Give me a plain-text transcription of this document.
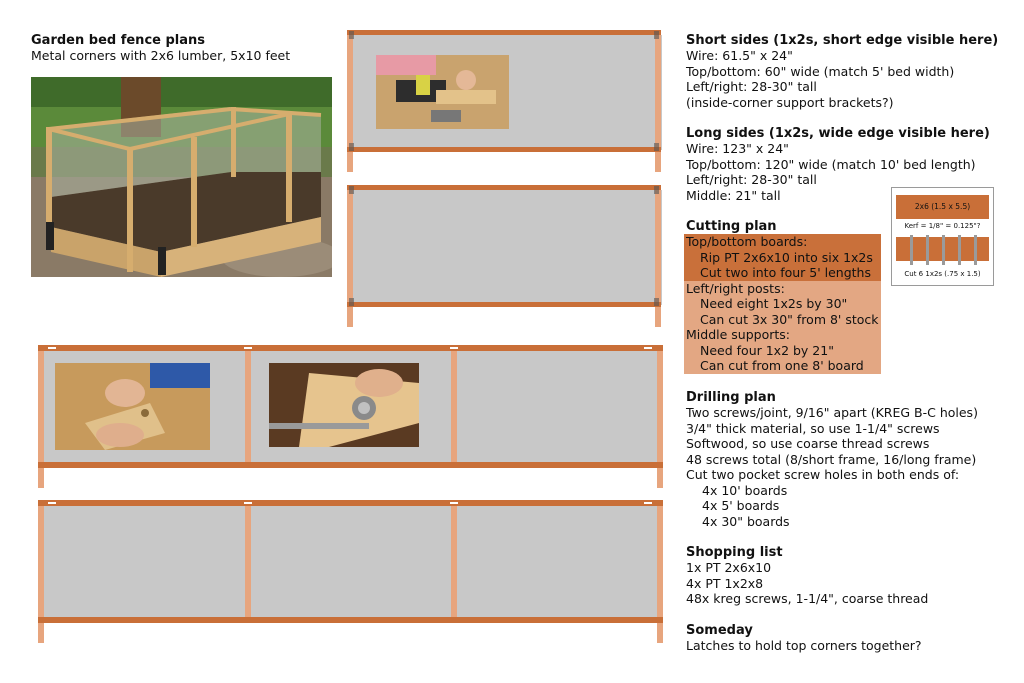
Garden bed fence plans
Metal corners with 2x6 lumber, 5x10 feet
Short sides (1x2s, short edge visible here)
Wire: 61.5" x 24"
Top/bottom: 60" wide (match 5' bed width)
Left/right: 28-30" tall
(inside-corner support brackets?)
Long sides (1x2s, wide edge visible here)
Wire: 123" x 24"
Top/bottom: 120" wide (match 10' bed length)
Left/right: 28-30" tall
Middle: 21" tall
Cutting plan
Top/bottom boards:
Rip PT 2x6x10 into six 1x2s
Cut two into four 5' lengths
Left/right posts:
Need eight 1x2s by 30"
Can cut 3x 30" from 8' stock
Middle supports:
Need four 1x2 by 21"
Can cut from one 8' board
2x6 (1.5 x 5.5)
Kerf = 1/8" = 0.125"?
Cut 6 1x2s (.75 x 1.5)
Drilling plan
Two screws/joint, 9/16" apart (KREG B-C holes)
3/4" thick material, so use 1-1/4" screws
Softwood, so use coarse thread screws
48 screws total (8/short frame, 16/long frame)
Cut two pocket screw holes in both ends of:
4x 10' boards
4x 5' boards
4x 30" boards
Shopping list
1x PT 2x6x10
4x PT 1x2x8
48x kreg screws, 1-1/4", coarse thread
Someday
Latches to hold top corners together?
